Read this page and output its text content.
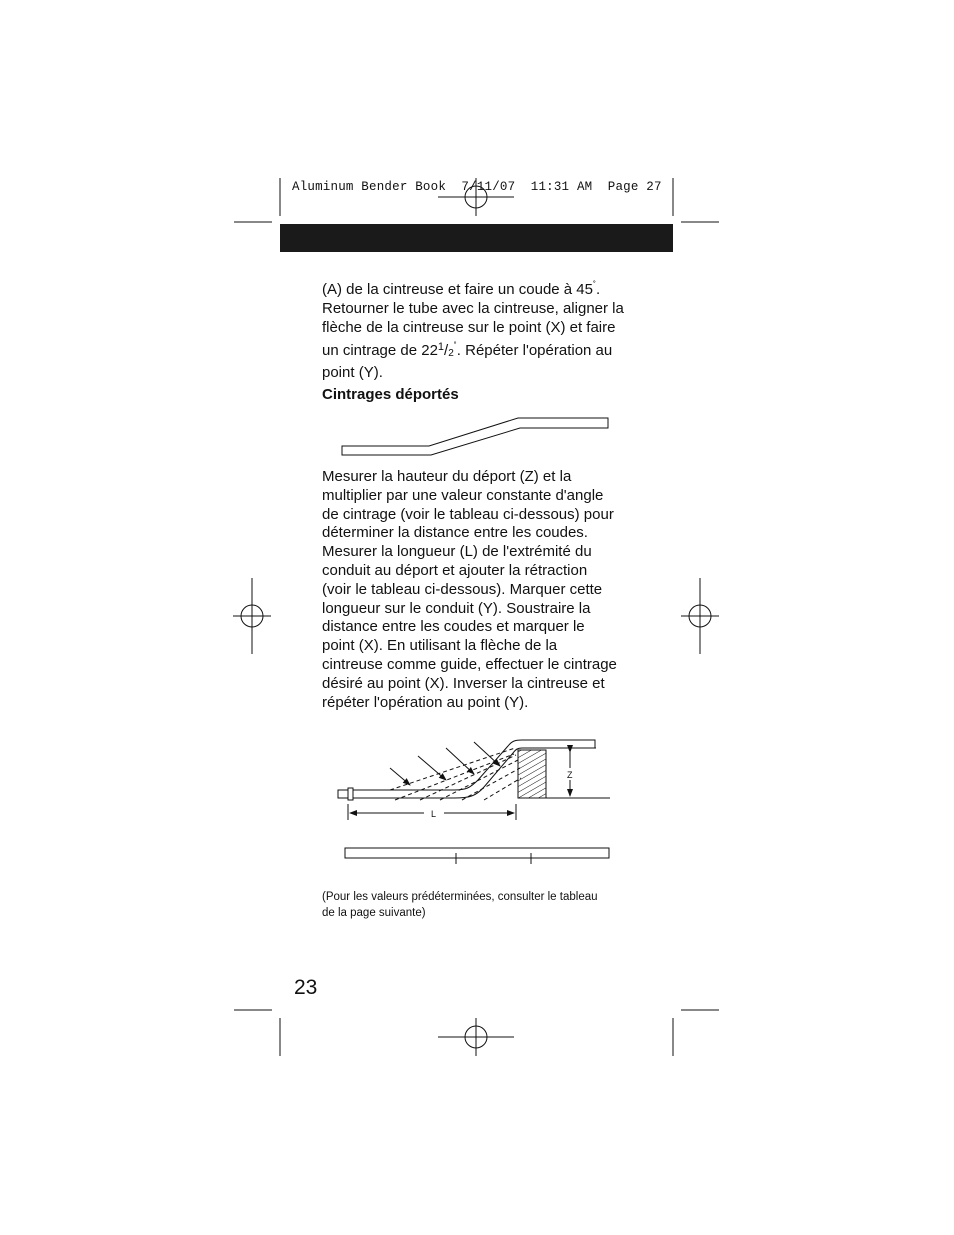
Aluminum Bender Book  7/11/07  11:31 AM  Page 27
(A) de la cintreuse et faire un coude à 45˚.
Retourner le tube avec la cintreuse, aligner la
flèche de la cintreuse sur le point (X) et faire
un cintrage de $22^1/2^˚$. Répéter l'opération au
point (Y).
Cintrages déportés
Mesurer la hauteur du déport (Z) et la
multiplier par une valeur constante d'angle
de cintrage (voir le tableau ci-dessous) pour
déterminer la distance entre les coudes.
Mesurer la longueur (L) de l'extrémité du
conduit au déport et ajouter la rétraction
(voir le tableau ci-dessous). Marquer cette
longueur sur le conduit (Y). Soustraire la
distance entre les coudes et marquer le
point (X). En utilisant la flèche de la
cintreuse comme guide, effectuer le cintrage
désiré au point (X). Inverser la cintreuse et
répéter l'opération au point (Y).
Z
L
(Pour les valeurs prédéterminées, consulter le tableau
de la page suivante)
23
